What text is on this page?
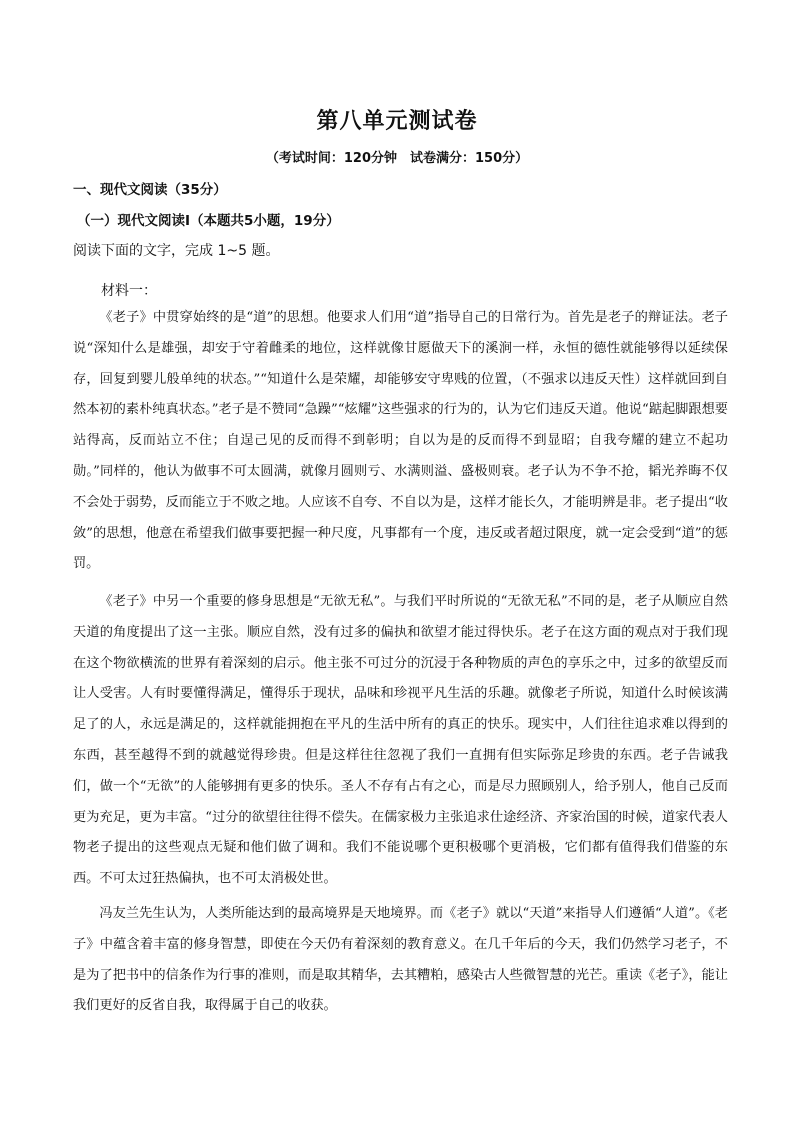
第八单元测试卷
（考试时间：120分钟　试卷满分：150分）
一、现代文阅读（35分）
（一）现代文阅读Ⅰ（本题共5小题，19分）
阅读下面的文字，完成 1~5 题。
材料一：

《老子》中贯穿始终的是“道”的思想。他要求人们用“道”指导自己的日常行为。首先是老子的辩证法。老子说“深知什么是雄强，却安于守着雌柔的地位，这样就像甘愿做天下的溪涧一样，永恒的德性就能够得以延续保存，回复到婴儿般单纯的状态。”“知道什么是荣耀，却能够安守卑贱的位置，（不强求以违反天性）这样就回到自然本初的素朴纯真状态。”老子是不赞同“急躁”“炫耀”这些强求的行为的，认为它们违反天道。他说“踮起脚跟想要站得高，反而站立不住；自逞己见的反而得不到彰明；自以为是的反而得不到显昭；自我夸耀的建立不起功勋。”同样的，他认为做事不可太圆满，就像月圆则亏、水满则溢、盛极则衰。老子认为不争不抢，韬光养晦不仅不会处于弱势，反而能立于不败之地。人应该不自夸、不自以为是，这样才能长久，才能明辨是非。老子提出“收敛”的思想，他意在希望我们做事要把握一种尺度，凡事都有一个度，违反或者超过限度，就一定会受到“道”的惩罚。

《老子》中另一个重要的修身思想是“无欲无私”。与我们平时所说的“无欲无私”不同的是，老子从顺应自然天道的角度提出了这一主张。顺应自然，没有过多的偏执和欲望才能过得快乐。老子在这方面的观点对于我们现在这个物欲横流的世界有着深刻的启示。他主张不可过分的沉浸于各种物质的声色的享乐之中，过多的欲望反而让人受害。人有时要懂得满足，懂得乐于现状，品味和珍视平凡生活的乐趣。就像老子所说，知道什么时候该满足了的人，永远是满足的，这样就能拥抱在平凡的生活中所有的真正的快乐。现实中，人们往往追求难以得到的东西，甚至越得不到的就越觉得珍贵。但是这样往往忽视了我们一直拥有但实际弥足珍贵的东西。老子告诫我们，做一个“无欲”的人能够拥有更多的快乐。圣人不存有占有之心，而是尽力照顾别人，给予别人，他自己反而更为充足，更为丰富。“过分的欲望往往得不偿失。在儒家极力主张追求仕途经济、齐家治国的时候，道家代表人物老子提出的这些观点无疑和他们做了调和。我们不能说哪个更积极哪个更消极，它们都有值得我们借鉴的东西。不可太过狂热偏执，也不可太消极处世。

冯友兰先生认为，人类所能达到的最高境界是天地境界。而《老子》就以“天道”来指导人们遵循“人道”。《老子》中蕴含着丰富的修身智慧，即使在今天仍有着深刻的教育意义。在几千年后的今天，我们仍然学习老子，不是为了把书中的信条作为行事的准则，而是取其精华，去其糟粕，感染古人些微智慧的光芒。重读《老子》，能让我们更好的反省自我，取得属于自己的收获。
